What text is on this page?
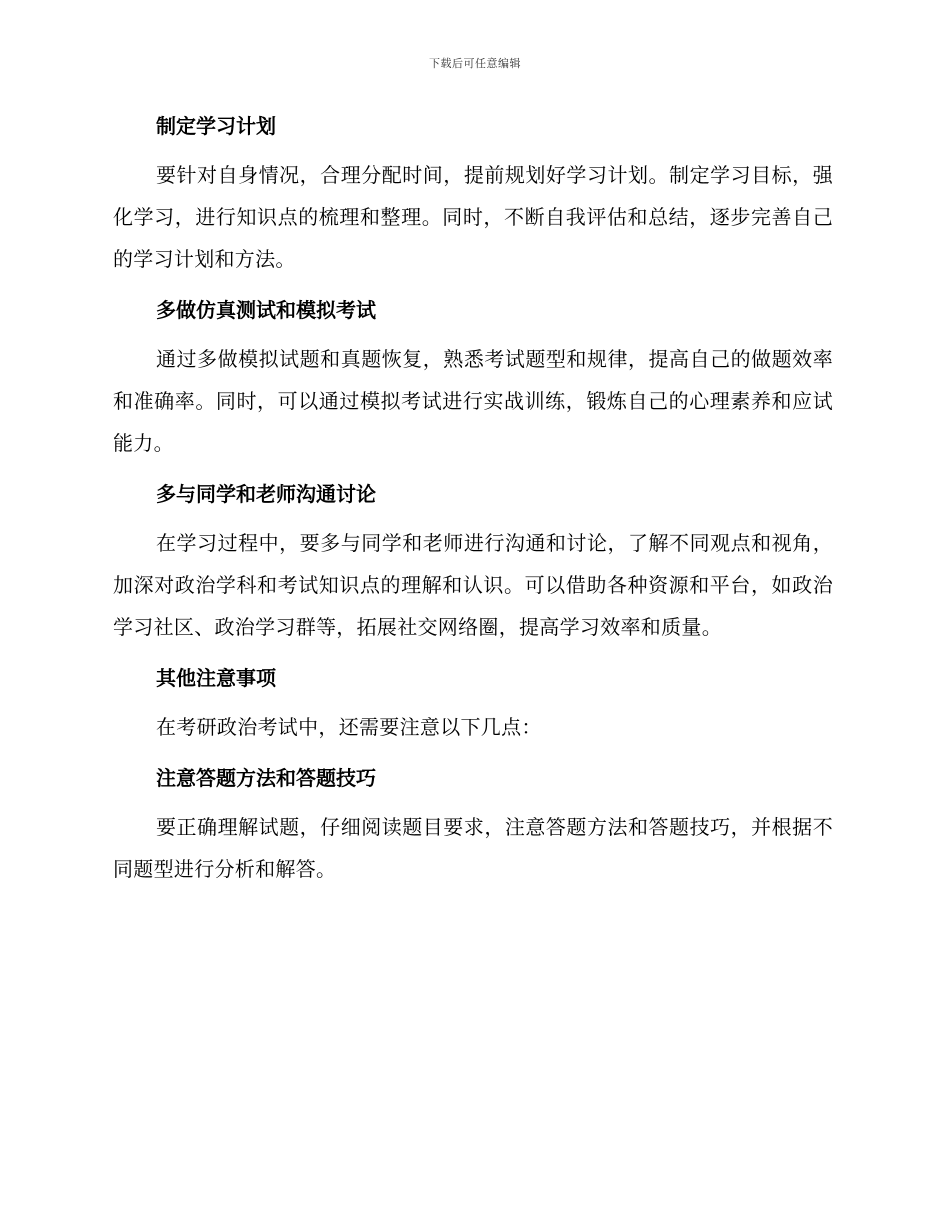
下载后可任意编辑
制定学习计划

要针对自身情况，合理分配时间，提前规划好学习计划。制定学习目标，强化学习，进行知识点的梳理和整理。同时，不断自我评估和总结，逐步完善自己的学习计划和方法。

多做仿真测试和模拟考试

通过多做模拟试题和真题恢复，熟悉考试题型和规律，提高自己的做题效率和准确率。同时，可以通过模拟考试进行实战训练，锻炼自己的心理素养和应试能力。

多与同学和老师沟通讨论

在学习过程中，要多与同学和老师进行沟通和讨论，了解不同观点和视角，加深对政治学科和考试知识点的理解和认识。可以借助各种资源和平台，如政治学习社区、政治学习群等，拓展社交网络圈，提高学习效率和质量。

其他注意事项

在考研政治考试中，还需要注意以下几点：

注意答题方法和答题技巧

要正确理解试题，仔细阅读题目要求，注意答题方法和答题技巧，并根据不同题型进行分析和解答。
